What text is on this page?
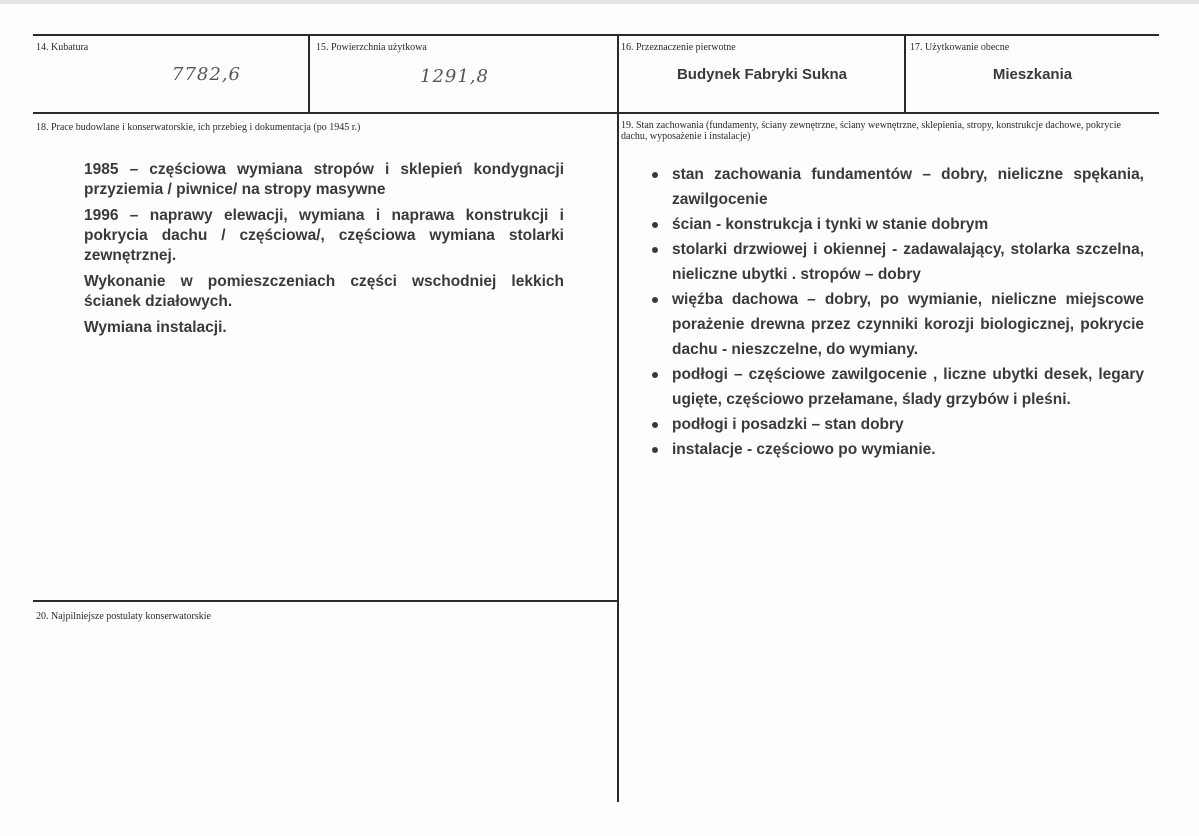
14. Kubatura
7782,6
15. Powierzchnia użytkowa
1291,8
16. Przeznaczenie pierwotne
Budynek Fabryki Sukna
17. Użytkowanie obecne
Mieszkania
18. Prace budowlane i konserwatorskie, ich przebieg i dokumentacja (po 1945 r.)
1985 – częściowa wymiana stropów i sklepień kondygnacji przyziemia / piwnice/ na stropy masywne
1996 – naprawy elewacji, wymiana i naprawa konstrukcji i pokrycia dachu / częściowa/, częściowa wymiana stolarki zewnętrznej.
Wykonanie w pomieszczeniach części wschodniej lekkich ścianek działowych.
Wymiana instalacji.
19. Stan zachowania (fundamenty, ściany zewnętrzne, ściany wewnętrzne, sklepienia, stropy, konstrukcje dachowe, pokrycie dachu, wyposażenie i instalacje)
stan zachowania fundamentów – dobry, nieliczne spękania, zawilgocenie
ścian - konstrukcja i tynki w stanie dobrym
stolarki drzwiowej i okiennej - zadawalający, stolarka szczelna, nieliczne ubytki . stropów – dobry
więźba dachowa – dobry, po wymianie, nieliczne miejscowe porażenie drewna przez czynniki korozji biologicznej, pokrycie dachu - nieszczelne, do wymiany.
podłogi – częściowe zawilgocenie , liczne ubytki desek, legary ugięte, częściowo przełamane, ślady grzybów i pleśni.
podłogi i posadzki – stan dobry
instalacje - częściowo po wymianie.
20. Najpilniejsze postulaty konserwatorskie
